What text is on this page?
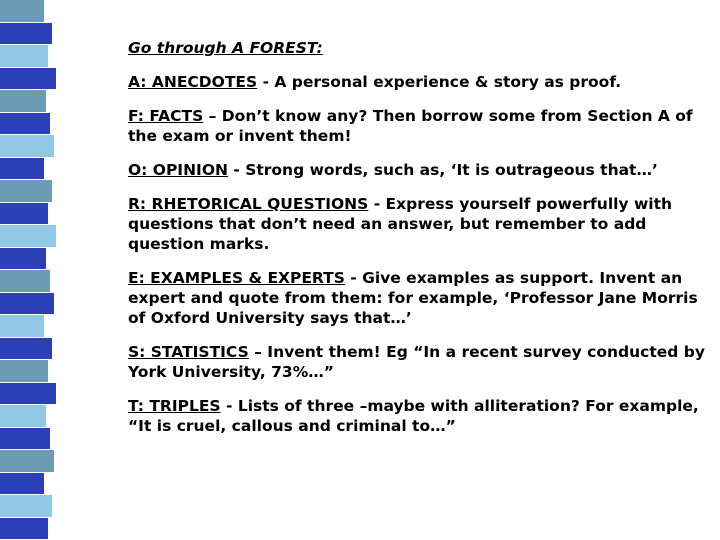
Go through A FOREST:
A: ANECDOTES - A personal experience & story as proof.
F: FACTS – Don’t know any? Then borrow some from Section A of the exam or invent them!
O: OPINION - Strong words, such as, ‘It is outrageous that…’
R: RHETORICAL QUESTIONS - Express yourself powerfully with questions that don’t need an answer, but remember to add question marks.
E: EXAMPLES & EXPERTS - Give examples as support. Invent an expert and quote from them: for example, ‘Professor Jane Morris of Oxford University says that…’
S: STATISTICS – Invent them! Eg “In a recent survey conducted by York University, 73%…”
T: TRIPLES - Lists of three –maybe with alliteration? For example, “It is cruel, callous and criminal to…”
